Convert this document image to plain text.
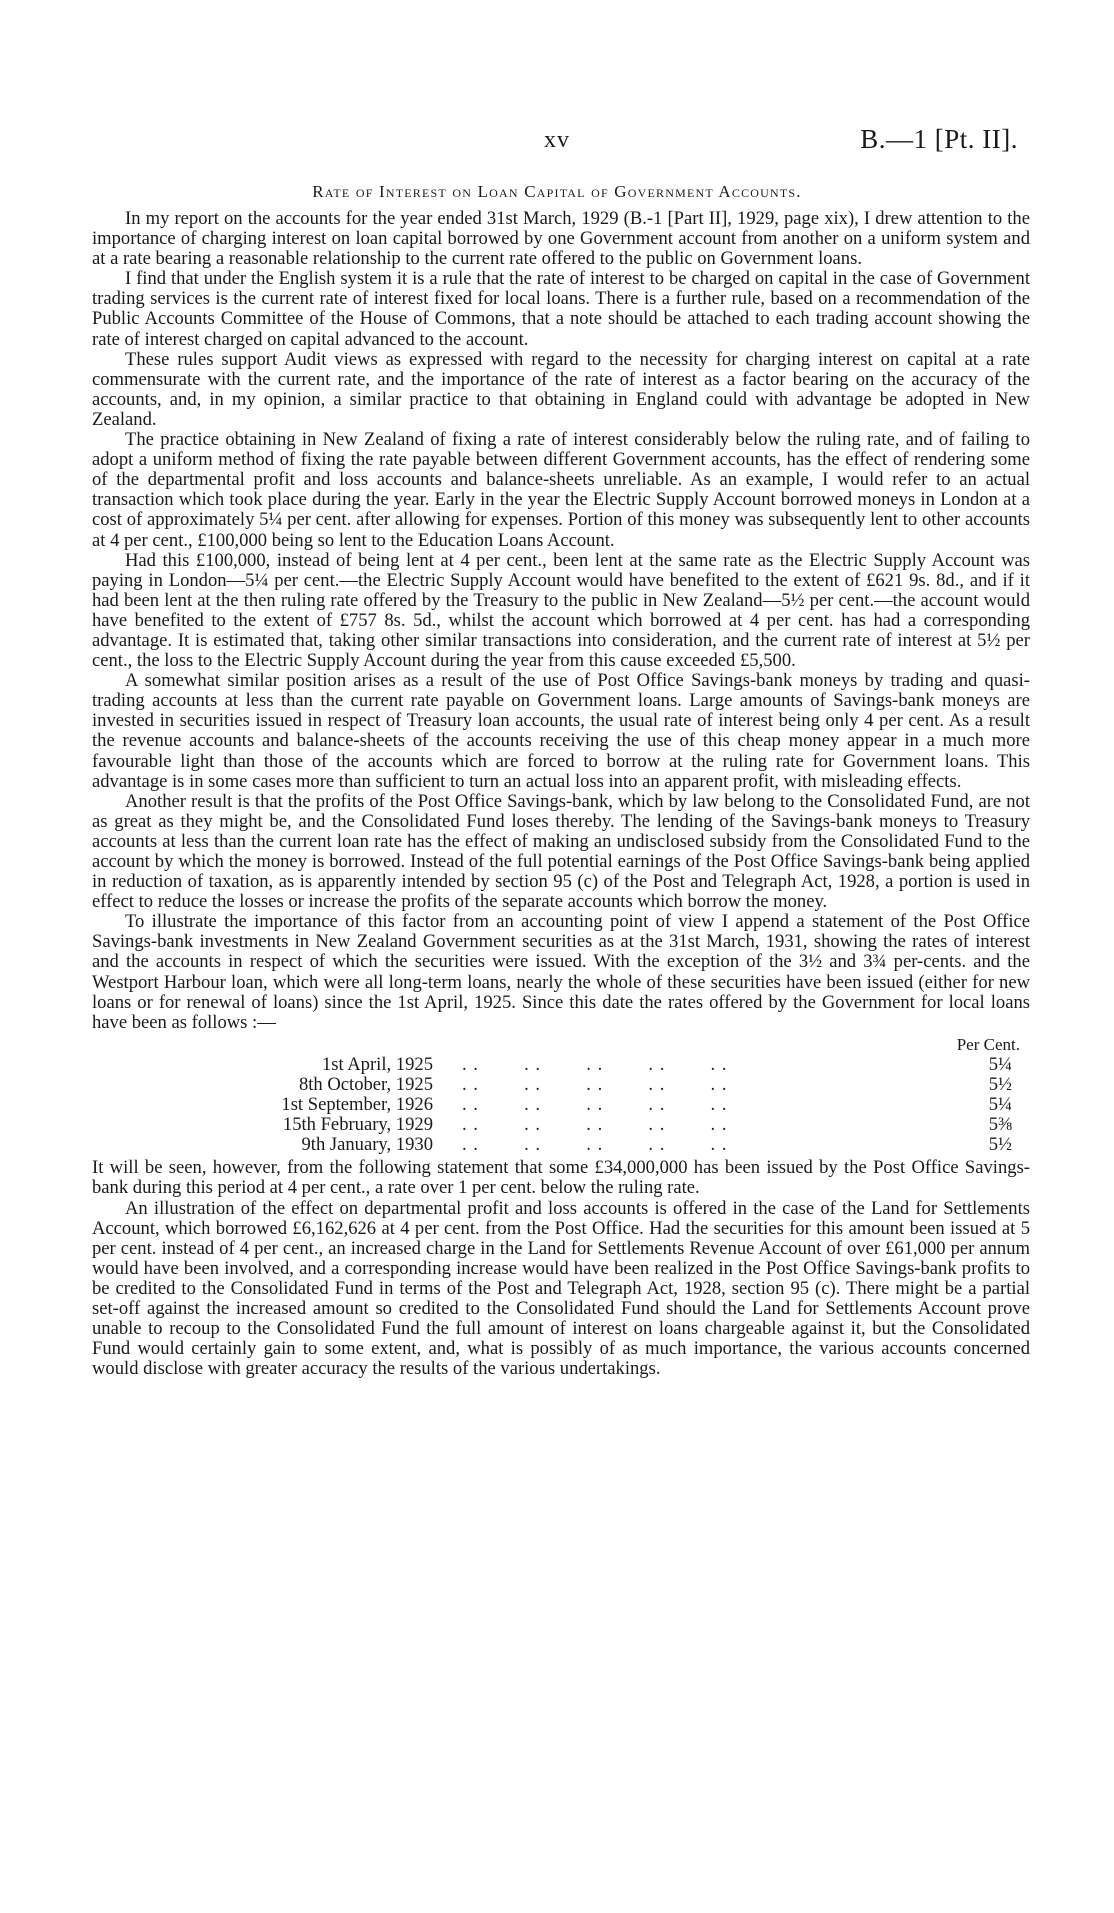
xv	B.—1 [Pt. II].
Rate of Interest on Loan Capital of Government Accounts.

In my report on the accounts for the year ended 31st March, 1929 (B.-1 [Part II], 1929, page xix), I drew attention to the importance of charging interest on loan capital borrowed by one Government account from another on a uniform system and at a rate bearing a reasonable relationship to the current rate offered to the public on Government loans.

I find that under the English system it is a rule that the rate of interest to be charged on capital in the case of Government trading services is the current rate of interest fixed for local loans. There is a further rule, based on a recommendation of the Public Accounts Committee of the House of Commons, that a note should be attached to each trading account showing the rate of interest charged on capital advanced to the account.

These rules support Audit views as expressed with regard to the necessity for charging interest on capital at a rate commensurate with the current rate, and the importance of the rate of interest as a factor bearing on the accuracy of the accounts, and, in my opinion, a similar practice to that obtaining in England could with advantage be adopted in New Zealand.

The practice obtaining in New Zealand of fixing a rate of interest considerably below the ruling rate, and of failing to adopt a uniform method of fixing the rate payable between different Government accounts, has the effect of rendering some of the departmental profit and loss accounts and balance-sheets unreliable. As an example, I would refer to an actual transaction which took place during the year. Early in the year the Electric Supply Account borrowed moneys in London at a cost of approximately 5¼ per cent. after allowing for expenses. Portion of this money was subsequently lent to other accounts at 4 per cent., £100,000 being so lent to the Education Loans Account.

Had this £100,000, instead of being lent at 4 per cent., been lent at the same rate as the Electric Supply Account was paying in London—5¼ per cent.—the Electric Supply Account would have benefited to the extent of £621 9s. 8d., and if it had been lent at the then ruling rate offered by the Treasury to the public in New Zealand—5½ per cent.—the account would have benefited to the extent of £757 8s. 5d., whilst the account which borrowed at 4 per cent. has had a corresponding advantage. It is estimated that, taking other similar transactions into consideration, and the current rate of interest at 5½ per cent., the loss to the Electric Supply Account during the year from this cause exceeded £5,500.

A somewhat similar position arises as a result of the use of Post Office Savings-bank moneys by trading and quasi-trading accounts at less than the current rate payable on Government loans. Large amounts of Savings-bank moneys are invested in securities issued in respect of Treasury loan accounts, the usual rate of interest being only 4 per cent. As a result the revenue accounts and balance-sheets of the accounts receiving the use of this cheap money appear in a much more favourable light than those of the accounts which are forced to borrow at the ruling rate for Government loans. This advantage is in some cases more than sufficient to turn an actual loss into an apparent profit, with misleading effects.

Another result is that the profits of the Post Office Savings-bank, which by law belong to the Consolidated Fund, are not as great as they might be, and the Consolidated Fund loses thereby. The lending of the Savings-bank moneys to Treasury accounts at less than the current loan rate has the effect of making an undisclosed subsidy from the Consolidated Fund to the account by which the money is borrowed. Instead of the full potential earnings of the Post Office Savings-bank being applied in reduction of taxation, as is apparently intended by section 95 (c) of the Post and Telegraph Act, 1928, a portion is used in effect to reduce the losses or increase the profits of the separate accounts which borrow the money.

To illustrate the importance of this factor from an accounting point of view I append a statement of the Post Office Savings-bank investments in New Zealand Government securities as at the 31st March, 1931, showing the rates of interest and the accounts in respect of which the securities were issued. With the exception of the 3½ and 3¾ per-cents. and the Westport Harbour loan, which were all long-term loans, nearly the whole of these securities have been issued (either for new loans or for renewal of loans) since the 1st April, 1925. Since this date the rates offered by the Government for local loans have been as follows :—

Per Cent.
1st April, 1925 . .        . .        . .        . .        . .	5¼
8th October, 1925 . .        . .        . .        . .        . .	5½
1st September, 1926 . .        . .        . .        . .        . .	5¼
15th February, 1929 . .        . .        . .        . .        . .	5⅜
9th January, 1930 . .        . .        . .        . .        . .	5½

It will be seen, however, from the following statement that some £34,000,000 has been issued by the Post Office Savings-bank during this period at 4 per cent., a rate over 1 per cent. below the ruling rate.

An illustration of the effect on departmental profit and loss accounts is offered in the case of the Land for Settlements Account, which borrowed £6,162,626 at 4 per cent. from the Post Office. Had the securities for this amount been issued at 5 per cent. instead of 4 per cent., an increased charge in the Land for Settlements Revenue Account of over £61,000 per annum would have been involved, and a corresponding increase would have been realized in the Post Office Savings-bank profits to be credited to the Consolidated Fund in terms of the Post and Telegraph Act, 1928, section 95 (c). There might be a partial set-off against the increased amount so credited to the Consolidated Fund should the Land for Settlements Account prove unable to recoup to the Consolidated Fund the full amount of interest on loans chargeable against it, but the Consolidated Fund would certainly gain to some extent, and, what is possibly of as much importance, the various accounts concerned would disclose with greater accuracy the results of the various undertakings.
